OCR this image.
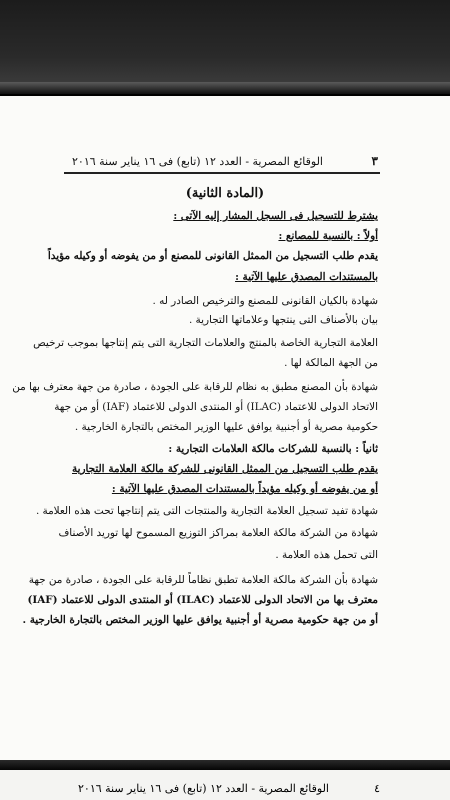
٣
الوقائع المصرية - العدد ١٢ (تابع) فى ١٦ يناير سنة ٢٠١٦
(المادة الثانية)
يشترط للتسجيل فى السجل المشار إليه الآتى :
أولاً : بالنسبة للمصانع :
يقدم طلب التسجيل من الممثل القانونى للمصنع أو من يفوضه أو وكيله مؤيداً
بالمستندات المصدق عليها الآتية :
شهادة بالكيان القانونى للمصنع والترخيص الصادر له .
بيان بالأصناف التى ينتجها وعلاماتها التجارية .
العلامة التجارية الخاصة بالمنتج والعلامات التجارية التى يتم إنتاجها بموجب ترخيص
من الجهة المالكة لها .
شهادة بأن المصنع مطبق به نظام للرقابة على الجودة ، صادرة من جهة معترف بها من
الاتحاد الدولى للاعتماد (ILAC) أو المنتدى الدولى للاعتماد (IAF) أو من جهة
حكومية مصرية أو أجنبية يوافق عليها الوزير المختص بالتجارة الخارجية .
ثانياً : بالنسبة للشركات مالكة العلامات التجارية :
يقدم طلب التسجيل من الممثل القانونى للشركة مالكة العلامة التجارية
أو من يفوضه أو وكيله مؤيداً بالمستندات المصدق عليها الآتية :
شهادة تفيد تسجيل العلامة التجارية والمنتجات التى يتم إنتاجها تحت هذه العلامة .
شهادة من الشركة مالكة العلامة بمراكز التوزيع المسموح لها توريد الأصناف
التى تحمل هذه العلامة .
شهادة بأن الشركة مالكة العلامة تطبق نظاماً للرقابة على الجودة ، صادرة من جهة
معترف بها من الاتحاد الدولى للاعتماد (ILAC) أو المنتدى الدولى للاعتماد (IAF)
أو من جهة حكومية مصرية أو أجنبية يوافق عليها الوزير المختص بالتجارة الخارجية .
٤
الوقائع المصرية - العدد ١٢ (تابع) فى ١٦ يناير سنة ٢٠١٦
